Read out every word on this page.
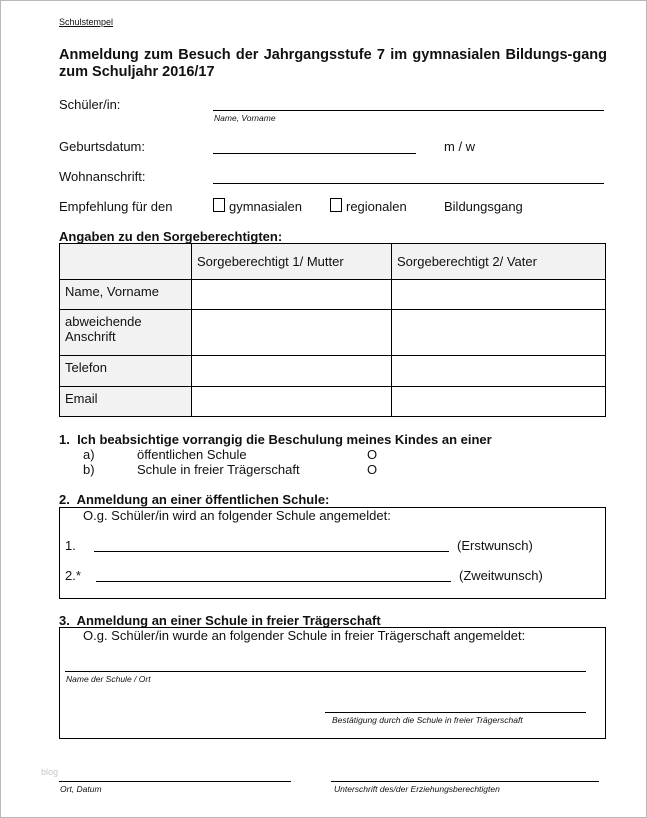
Schulstempel
Anmeldung zum Besuch der Jahrgangsstufe 7 im gymnasialen Bildungs-gang zum Schuljahr 2016/17
Schüler/in:
Name, Vorname
Geburtsdatum:	m / w
Wohnanschrift:
Empfehlung für den	gymnasialen	regionalen	Bildungsgang
Angaben zu den Sorgeberechtigten:
	Sorgeberechtigt 1/ Mutter	Sorgeberechtigt 2/ Vater
Name, Vorname		
abweichende Anschrift		
Telefon		
Email		
1.  Ich beabsichtige vorrangig die Beschulung meines Kindes an einer
a)	öffentlichen Schule	O
b)	Schule in freier Trägerschaft	O
2.  Anmeldung an einer öffentlichen Schule:
O.g. Schüler/in wird an folgender Schule angemeldet:
1.	(Erstwunsch)
2.*	(Zweitwunsch)
3.  Anmeldung an einer Schule in freier Trägerschaft
O.g. Schüler/in wurde an folgender Schule in freier Trägerschaft angemeldet:
Name der Schule / Ort
Bestätigung durch die Schule in freier Trägerschaft
blog
Ort, Datum	Unterschrift des/der Erziehungsberechtigten
